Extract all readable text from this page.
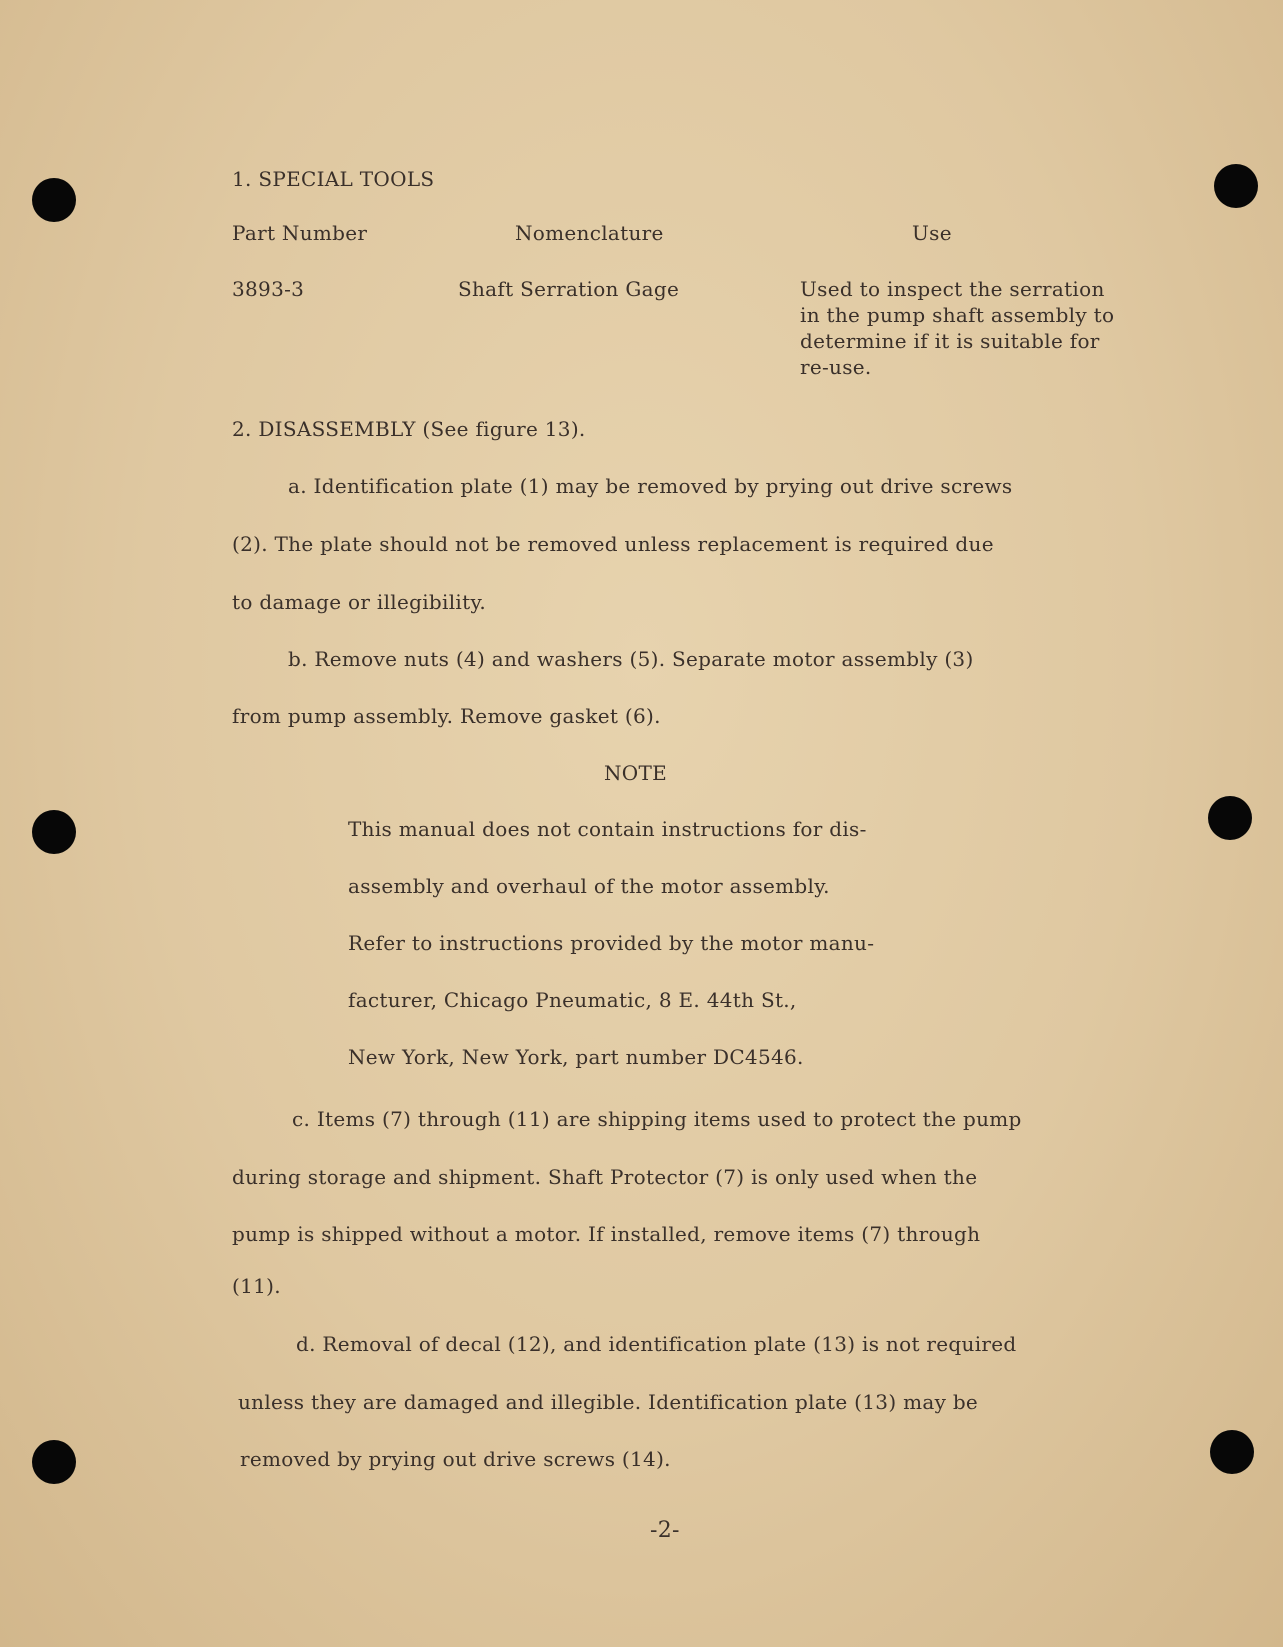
1. SPECIAL TOOLS
Part Number	Nomenclature	Use
3893-3	Shaft Serration Gage	Used to inspect the serration
in the pump shaft assembly to
determine if it is suitable for
re-use.
2. DISASSEMBLY (See figure 13).
a. Identification plate (1) may be removed by prying out drive screws
(2). The plate should not be removed unless replacement is required due
to damage or illegibility.
b. Remove nuts (4) and washers (5). Separate motor assembly (3)
from pump assembly. Remove gasket (6).
NOTE
This manual does not contain instructions for dis-
assembly and overhaul of the motor assembly.
Refer to instructions provided by the motor manu-
facturer, Chicago Pneumatic, 8 E. 44th St.,
New York, New York, part number DC4546.
c. Items (7) through (11) are shipping items used to protect the pump
during storage and shipment. Shaft Protector (7) is only used when the
pump is shipped without a motor. If installed, remove items (7) through
(11).
d. Removal of decal (12), and identification plate (13) is not required
unless they are damaged and illegible. Identification plate (13) may be
removed by prying out drive screws (14).
-2-
